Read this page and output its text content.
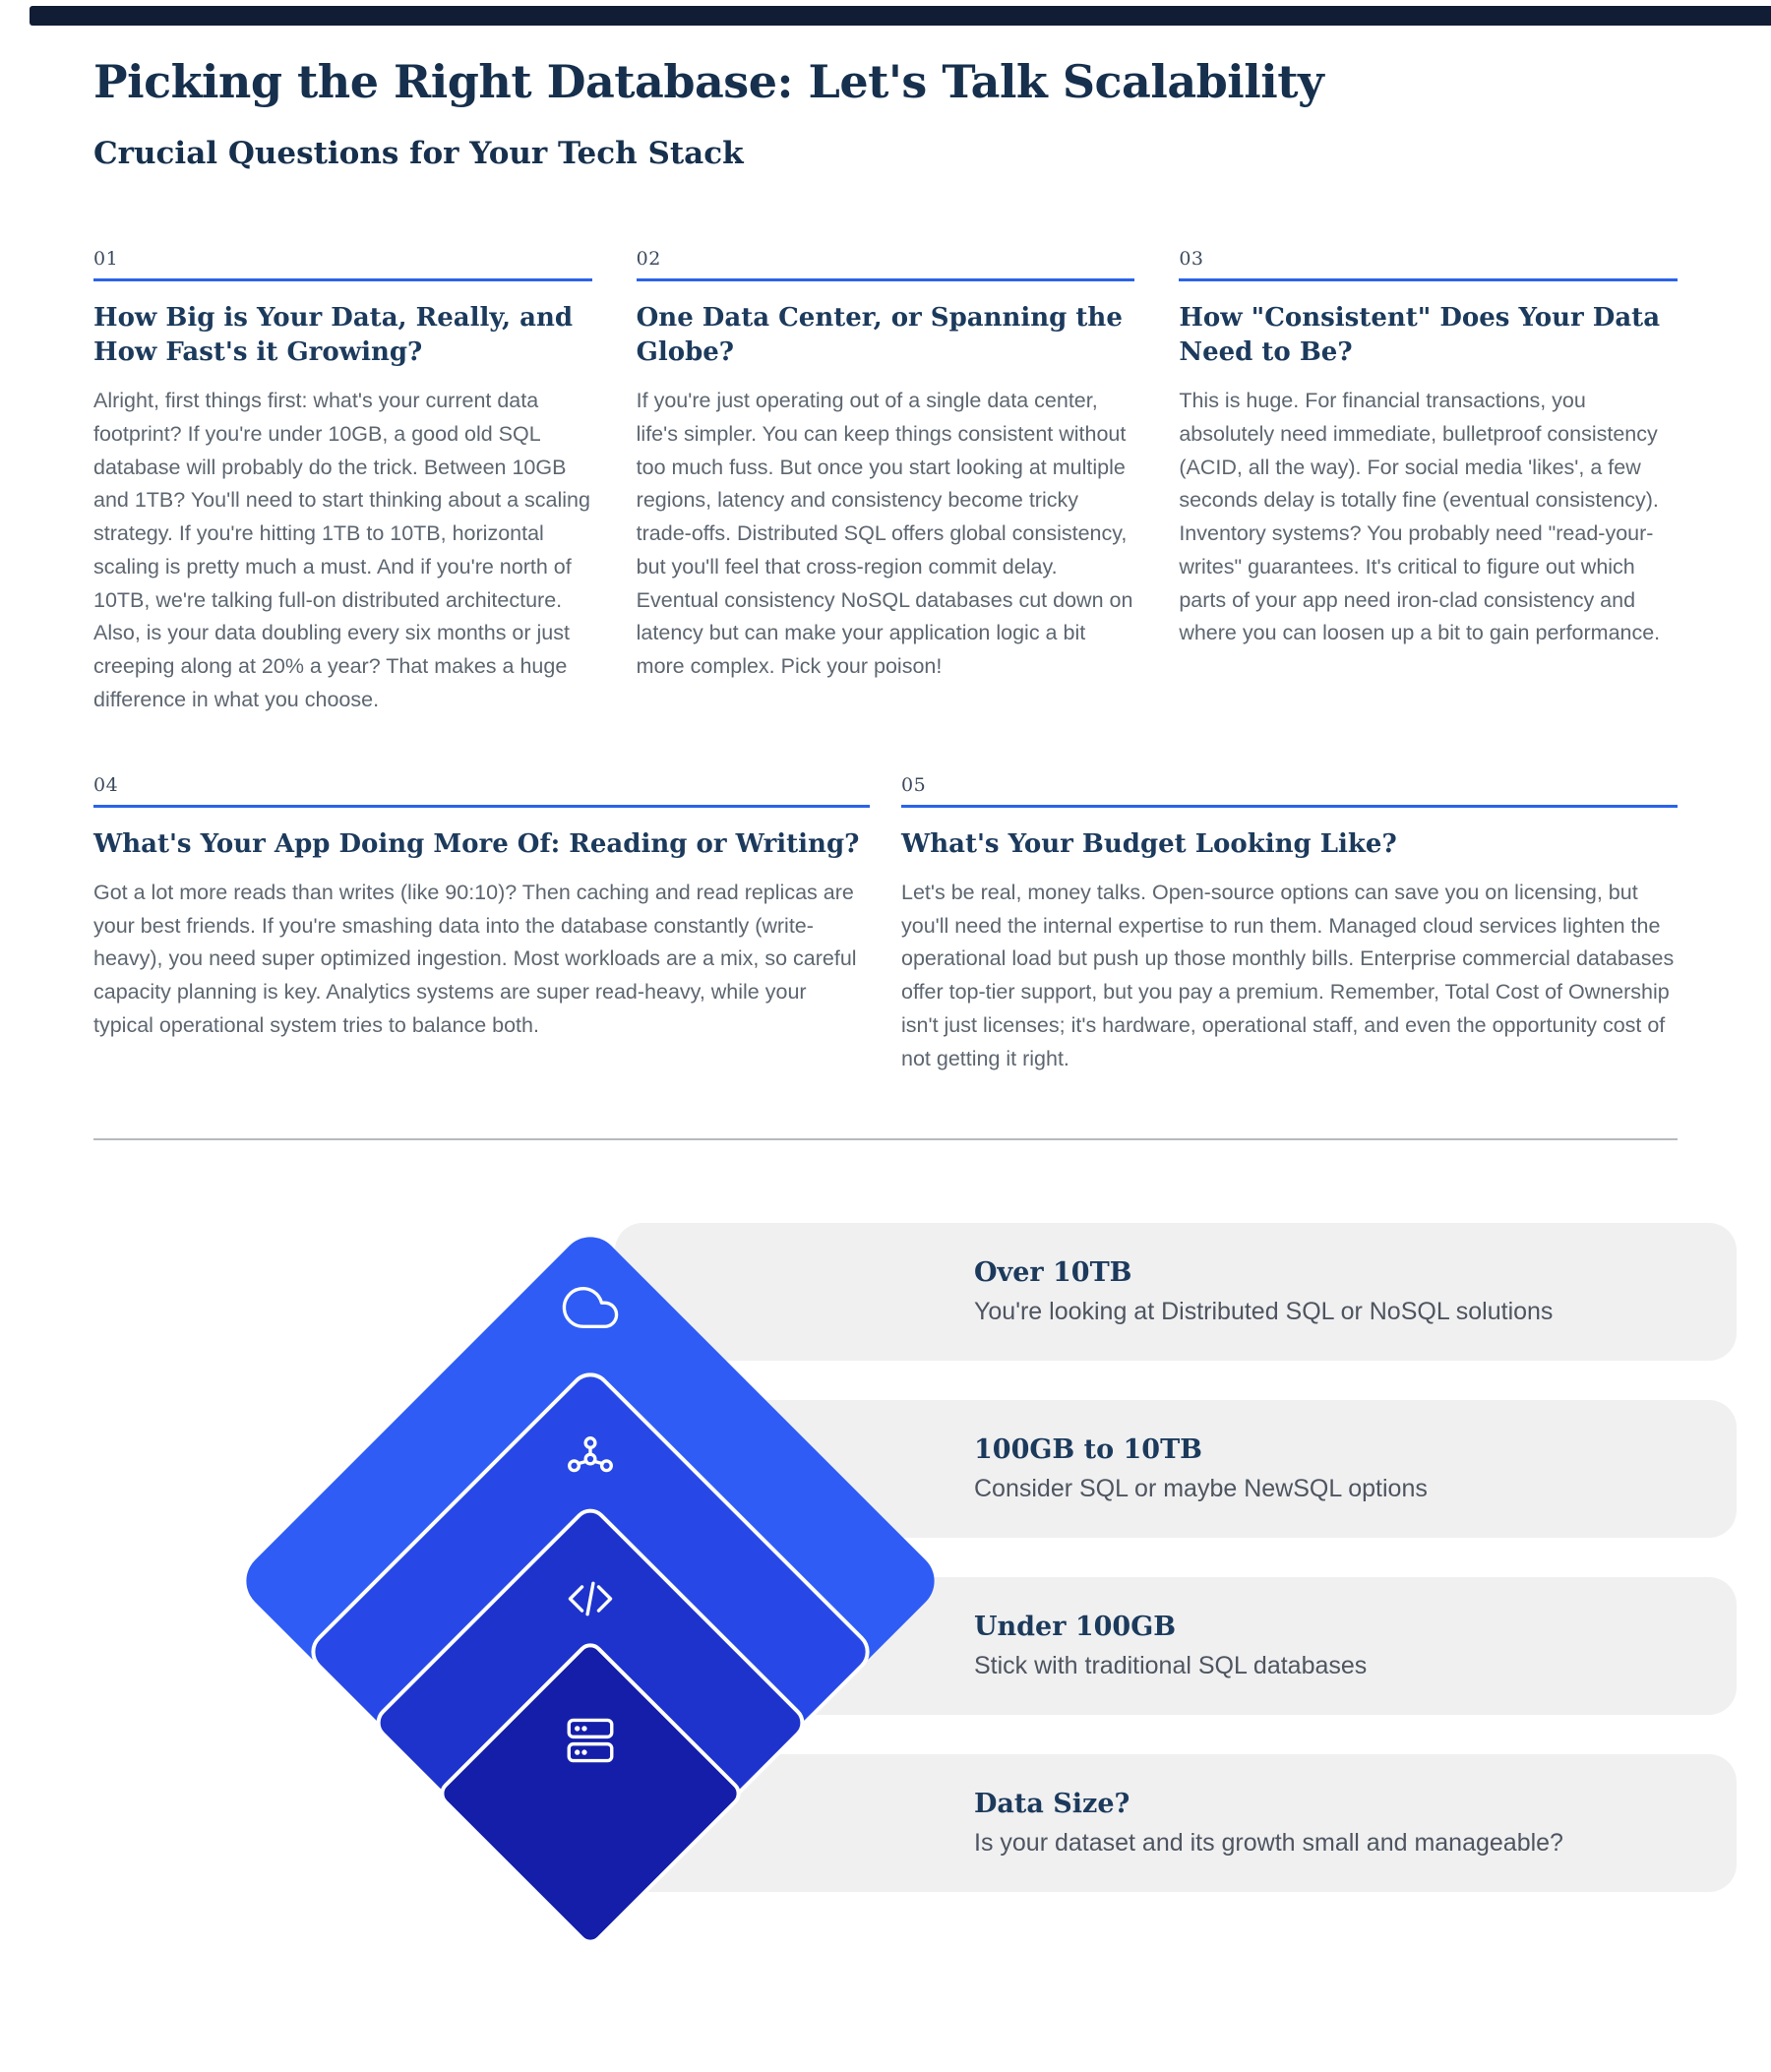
Picking the Right Database: Let's Talk Scalability
Crucial Questions for Your Tech Stack
01
How Big is Your Data, Really, and How Fast's it Growing?
Alright, first things first: what's your current data footprint? If you're under 10GB, a good old SQL database will probably do the trick. Between 10GB and 1TB? You'll need to start thinking about a scaling strategy. If you're hitting 1TB to 10TB, horizontal scaling is pretty much a must. And if you're north of 10TB, we're talking full-on distributed architecture. Also, is your data doubling every six months or just creeping along at 20% a year? That makes a huge difference in what you choose.
02
One Data Center, or Spanning the Globe?
If you're just operating out of a single data center, life's simpler. You can keep things consistent without too much fuss. But once you start looking at multiple regions, latency and consistency become tricky trade-offs. Distributed SQL offers global consistency, but you'll feel that cross-region commit delay. Eventual consistency NoSQL databases cut down on latency but can make your application logic a bit more complex. Pick your poison!
03
How "Consistent" Does Your Data Need to Be?
This is huge. For financial transactions, you absolutely need immediate, bulletproof consistency (ACID, all the way). For social media 'likes', a few seconds delay is totally fine (eventual consistency). Inventory systems? You probably need "read-your-writes" guarantees. It's critical to figure out which parts of your app need iron-clad consistency and where you can loosen up a bit to gain performance.
04
What's Your App Doing More Of: Reading or Writing?
Got a lot more reads than writes (like 90:10)? Then caching and read replicas are your best friends. If you're smashing data into the database constantly (write-heavy), you need super optimized ingestion. Most workloads are a mix, so careful capacity planning is key. Analytics systems are super read-heavy, while your typical operational system tries to balance both.
05
What's Your Budget Looking Like?
Let's be real, money talks. Open-source options can save you on licensing, but you'll need the internal expertise to run them. Managed cloud services lighten the operational load but push up those monthly bills. Enterprise commercial databases offer top-tier support, but you pay a premium. Remember, Total Cost of Ownership isn't just licenses; it's hardware, operational staff, and even the opportunity cost of not getting it right.
Over 10TB
You're looking at Distributed SQL or NoSQL solutions
100GB to 10TB
Consider SQL or maybe NewSQL options
Under 100GB
Stick with traditional SQL databases
Data Size?
Is your dataset and its growth small and manageable?
